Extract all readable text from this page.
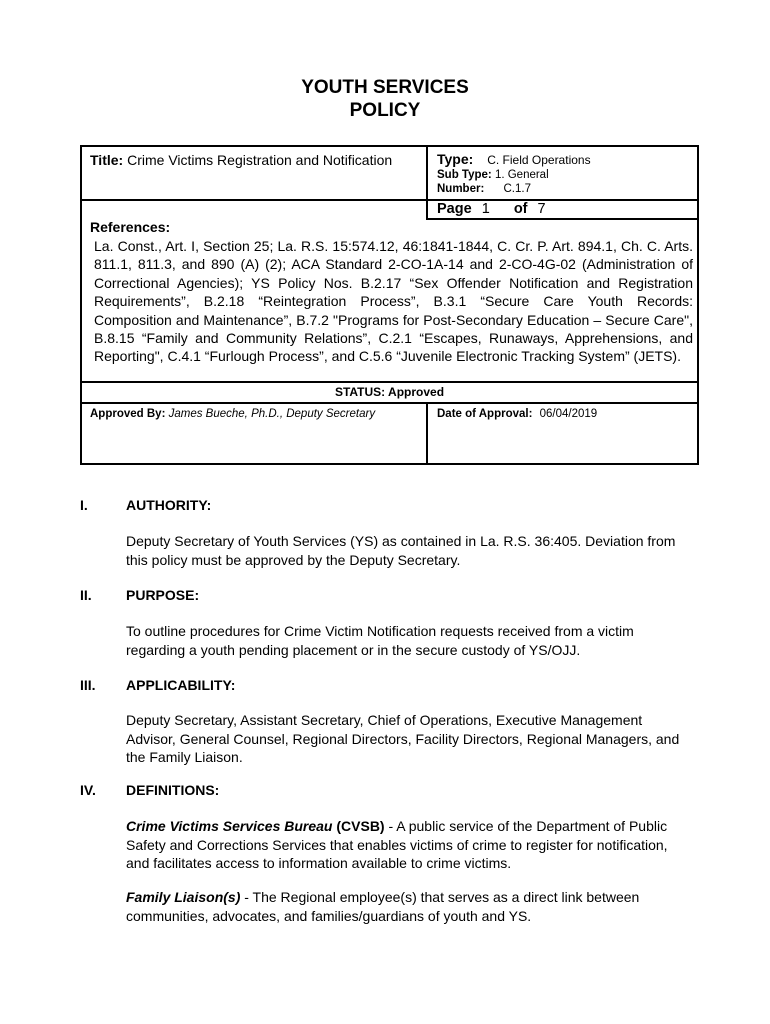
YOUTH SERVICES
POLICY
Title: Crime Victims Registration and Notification	Type: C. Field Operations
Sub Type: 1. General
Number: C.1.7
Page 1 of 7
References:
La. Const., Art. I, Section 25; La. R.S. 15:574.12, 46:1841-1844, C. Cr. P. Art. 894.1, Ch. C. Arts. 811.1, 811.3, and 890 (A) (2); ACA Standard 2-CO-1A-14 and 2-CO-4G-02 (Administration of Correctional Agencies); YS Policy Nos. B.2.17 “Sex Offender Notification and Registration Requirements”, B.2.18 “Reintegration Process”, B.3.1 “Secure Care Youth Records: Composition and Maintenance”, B.7.2 "Programs for Post-Secondary Education – Secure Care", B.8.15 “Family and Community Relations”, C.2.1 “Escapes, Runaways, Apprehensions, and Reporting", C.4.1 “Furlough Process”, and C.5.6 “Juvenile Electronic Tracking System” (JETS).
STATUS: Approved
Approved By: James Bueche, Ph.D., Deputy Secretary	Date of Approval: 06/04/2019
I.	AUTHORITY:
Deputy Secretary of Youth Services (YS) as contained in La. R.S. 36:405. Deviation from this policy must be approved by the Deputy Secretary.
II. PURPOSE:
To outline procedures for Crime Victim Notification requests received from a victim regarding a youth pending placement or in the secure custody of YS/OJJ.
III. APPLICABILITY:
Deputy Secretary, Assistant Secretary, Chief of Operations, Executive Management Advisor, General Counsel, Regional Directors, Facility Directors, Regional Managers, and the Family Liaison.
IV. DEFINITIONS:
Crime Victims Services Bureau (CVSB) - A public service of the Department of Public Safety and Corrections Services that enables victims of crime to register for notification, and facilitates access to information available to crime victims.
Family Liaison(s) - The Regional employee(s) that serves as a direct link between communities, advocates, and families/guardians of youth and YS.
